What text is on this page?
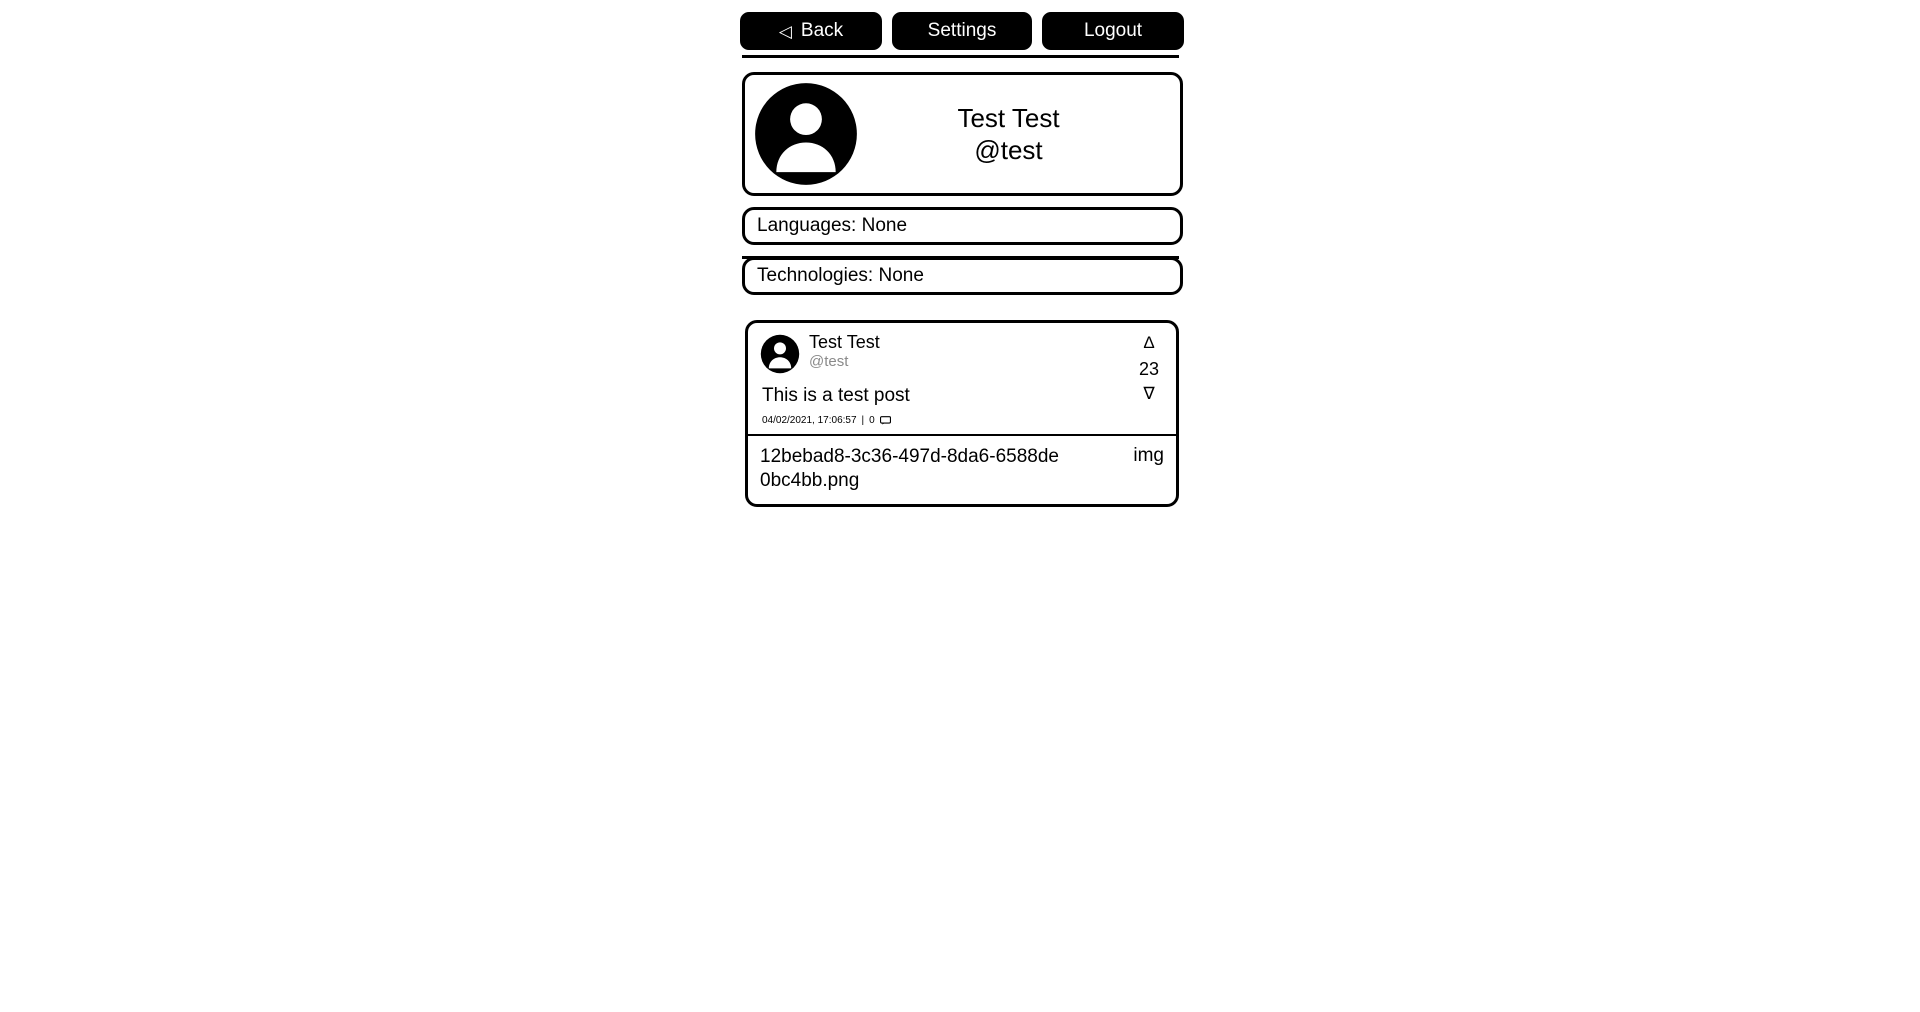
◁ Back	Settings	Logout
Test Test
@test
Languages: None
Technologies: None
Test Test
@test
This is a test post
04/02/2021, 17:06:57 | 0
Δ
23
∇
12bebad8-3c36-497d-8da6-6588de0bc4bb.png
img
